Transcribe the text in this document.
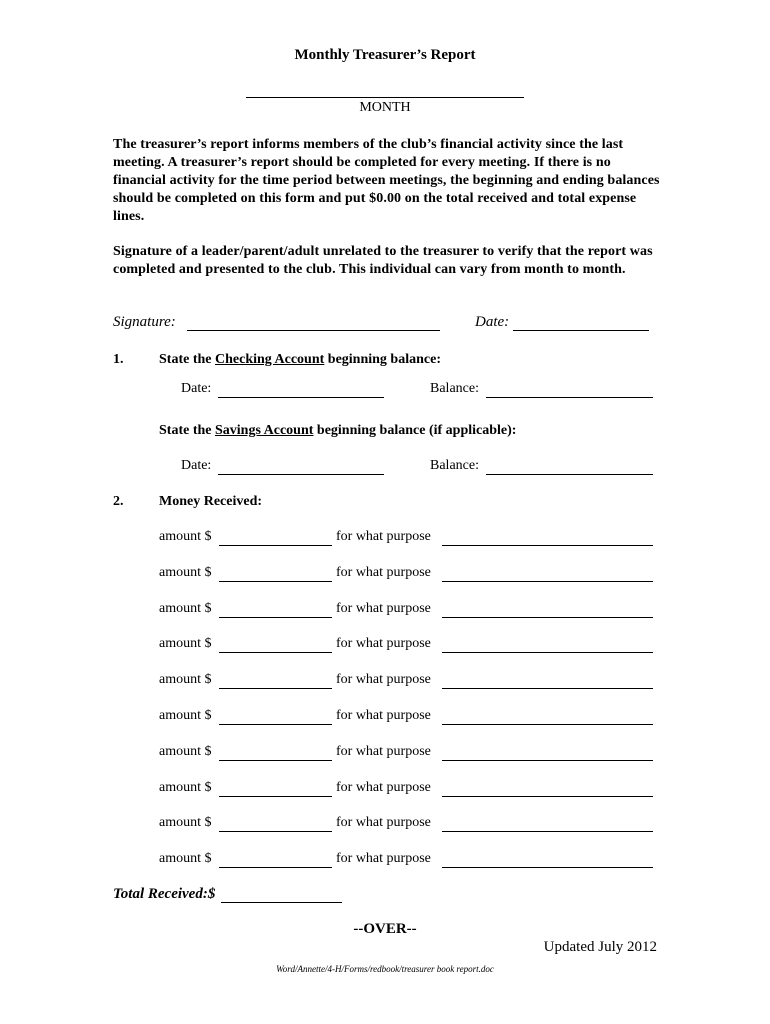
Monthly Treasurer’s Report
MONTH
The treasurer’s report informs members of the club’s financial activity since the last meeting. A treasurer’s report should be completed for every meeting. If there is no financial activity for the time period between meetings, the beginning and ending balances should be completed on this form and put $0.00 on the total received and total expense lines.
Signature of a leader/parent/adult unrelated to the treasurer to verify that the report was completed and presented to the club. This individual can vary from month to month.
Signature:	Date:
1.	State the Checking Account beginning balance:
Date:	Balance:
State the Savings Account beginning balance (if applicable):
Date:	Balance:
2.	Money Received:
amount $	for what purpose
amount $	for what purpose
amount $	for what purpose
amount $	for what purpose
amount $	for what purpose
amount $	for what purpose
amount $	for what purpose
amount $	for what purpose
amount $	for what purpose
amount $	for what purpose
Total Received:$
--OVER--
Updated July 2012
Word/Annette/4-H/Forms/redbook/treasurer book report.doc
